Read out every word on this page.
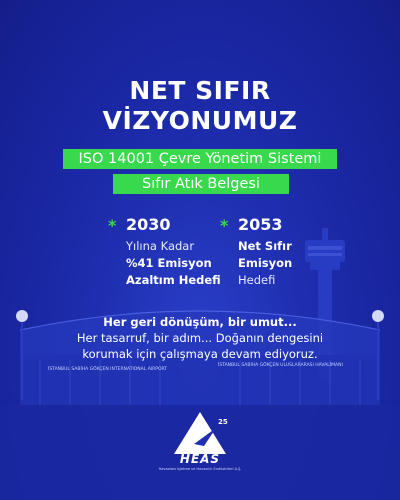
İSTANBUL SABİHA GÖKÇEN INTERNATIONAL AIRPORT
İSTANBUL SABİHA GÖKÇEN ULUSLARARASI HAVALİMANI
NET SIFIR
VİZYONUMUZ
ISO 14001 Çevre Yönetim Sistemi
Sıfır Atık Belgesi
* 2030
Yılına Kadar
%41 Emisyon
Azaltım Hedefi
* 2053
Net Sıfır
Emisyon
Hedefi
Her geri dönüşüm, bir umut...
Her tasarruf, bir adım... Doğanın dengesini
korumak için çalışmaya devam ediyoruz.
25
HEAS
Havaalanı İşletme ve Havacılık Endüstrileri A.Ş.
